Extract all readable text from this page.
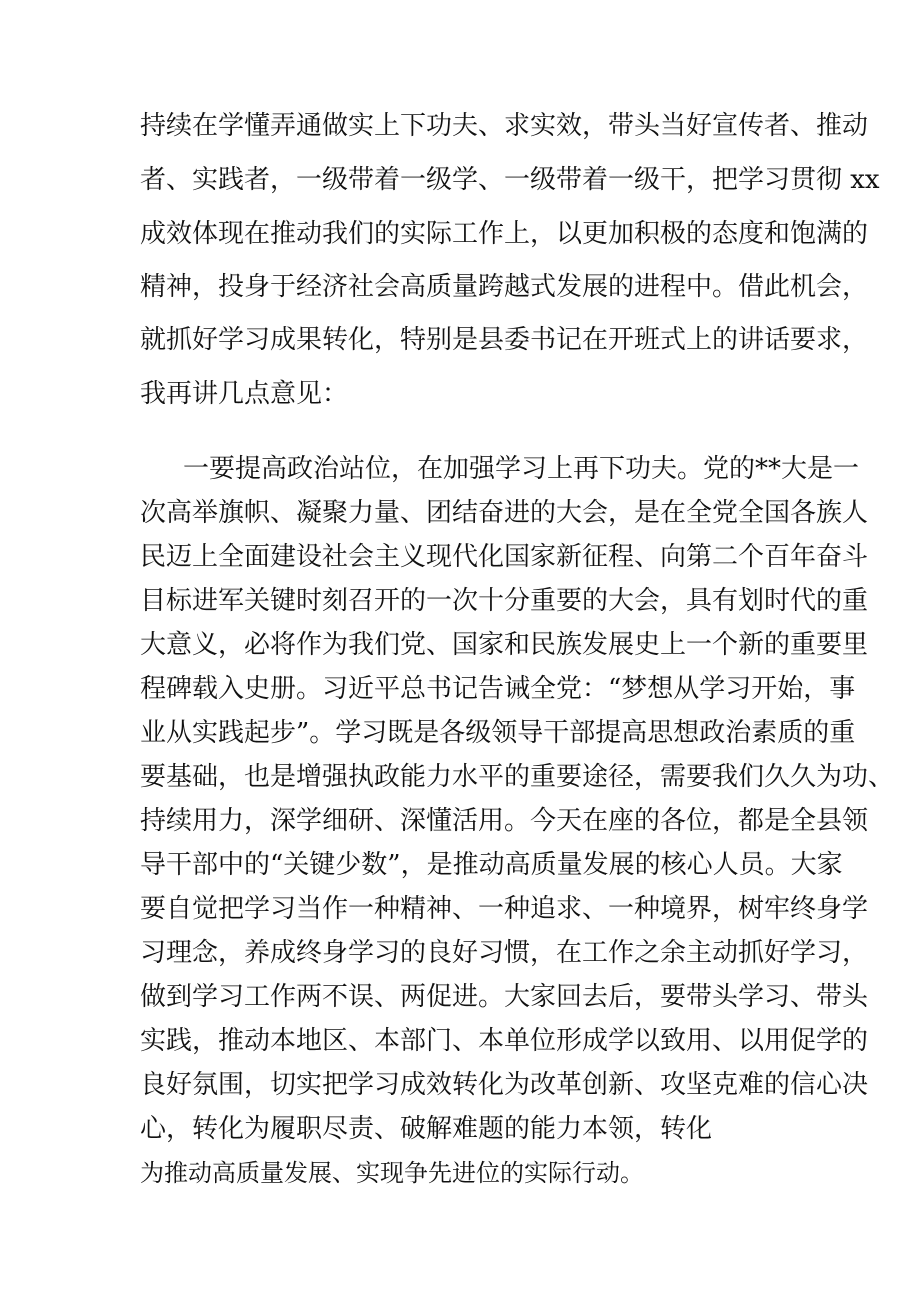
持续在学懂弄通做实上下功夫、求实效，带头当好宣传者、推动
者、实践者，一级带着一级学、一级带着一级干，把学习贯彻 xx
成效体现在推动我们的实际工作上，以更加积极的态度和饱满的
精神，投身于经济社会高质量跨越式发展的进程中。借此机会，
就抓好学习成果转化，特别是县委书记在开班式上的讲话要求，
我再讲几点意见：
一要提高政治站位，在加强学习上再下功夫。党的**大是一
次高举旗帜、凝聚力量、团结奋进的大会，是在全党全国各族人
民迈上全面建设社会主义现代化国家新征程、向第二个百年奋斗
目标进军关键时刻召开的一次十分重要的大会，具有划时代的重
大意义，必将作为我们党、国家和民族发展史上一个新的重要里
程碑载入史册。习近平总书记告诫全党：“梦想从学习开始，事
业从实践起步”。学习既是各级领导干部提高思想政治素质的重
要基础，也是增强执政能力水平的重要途径，需要我们久久为功、
持续用力，深学细研、深懂活用。今天在座的各位，都是全县领
导干部中的“关键少数”，是推动高质量发展的核心人员。大家
要自觉把学习当作一种精神、一种追求、一种境界，树牢终身学
习理念，养成终身学习的良好习惯，在工作之余主动抓好学习，
做到学习工作两不误、两促进。大家回去后，要带头学习、带头
实践，推动本地区、本部门、本单位形成学以致用、以用促学的
良好氛围，切实把学习成效转化为改革创新、攻坚克难的信心决
心，转化为履职尽责、破解难题的能力本领，转化
为推动高质量发展、实现争先进位的实际行动。
